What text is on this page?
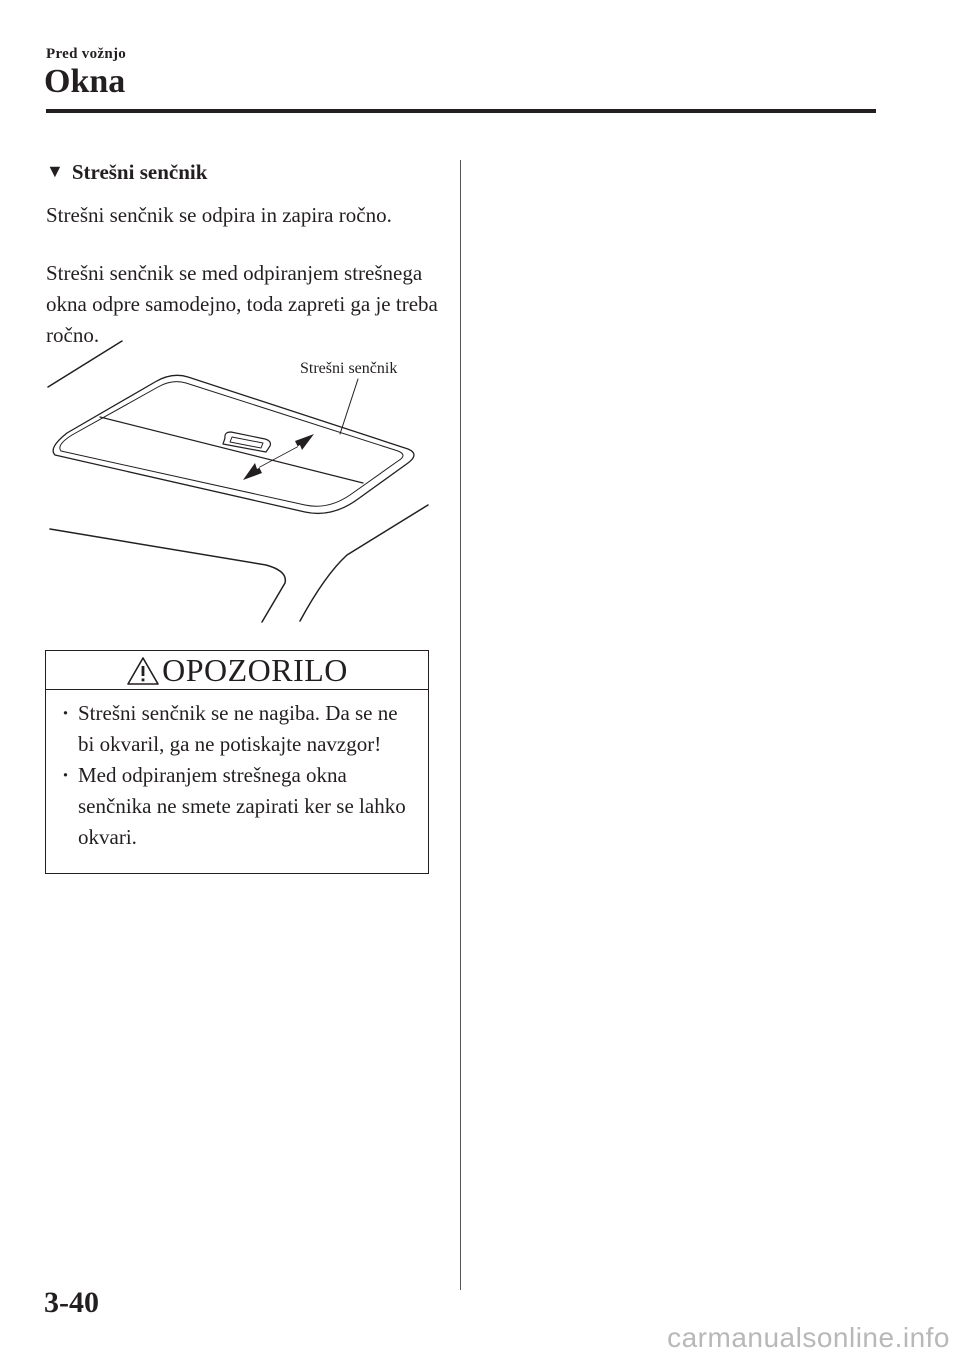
Pred vožnjo
Okna
▼ Strešni senčnik

Strešni senčnik se odpira in zapira ročno.

Strešni senčnik se med odpiranjem strešnega okna odpre samodejno, toda zapreti ga je treba ročno.

Strešni senčnik
OPOZORILO
· Strešni senčnik se ne nagiba. Da se ne bi okvaril, ga ne potiskajte navzgor!
· Med odpiranjem strešnega okna senčnika ne smete zapirati ker se lahko okvari.
3-40
carmanualsonline.info
